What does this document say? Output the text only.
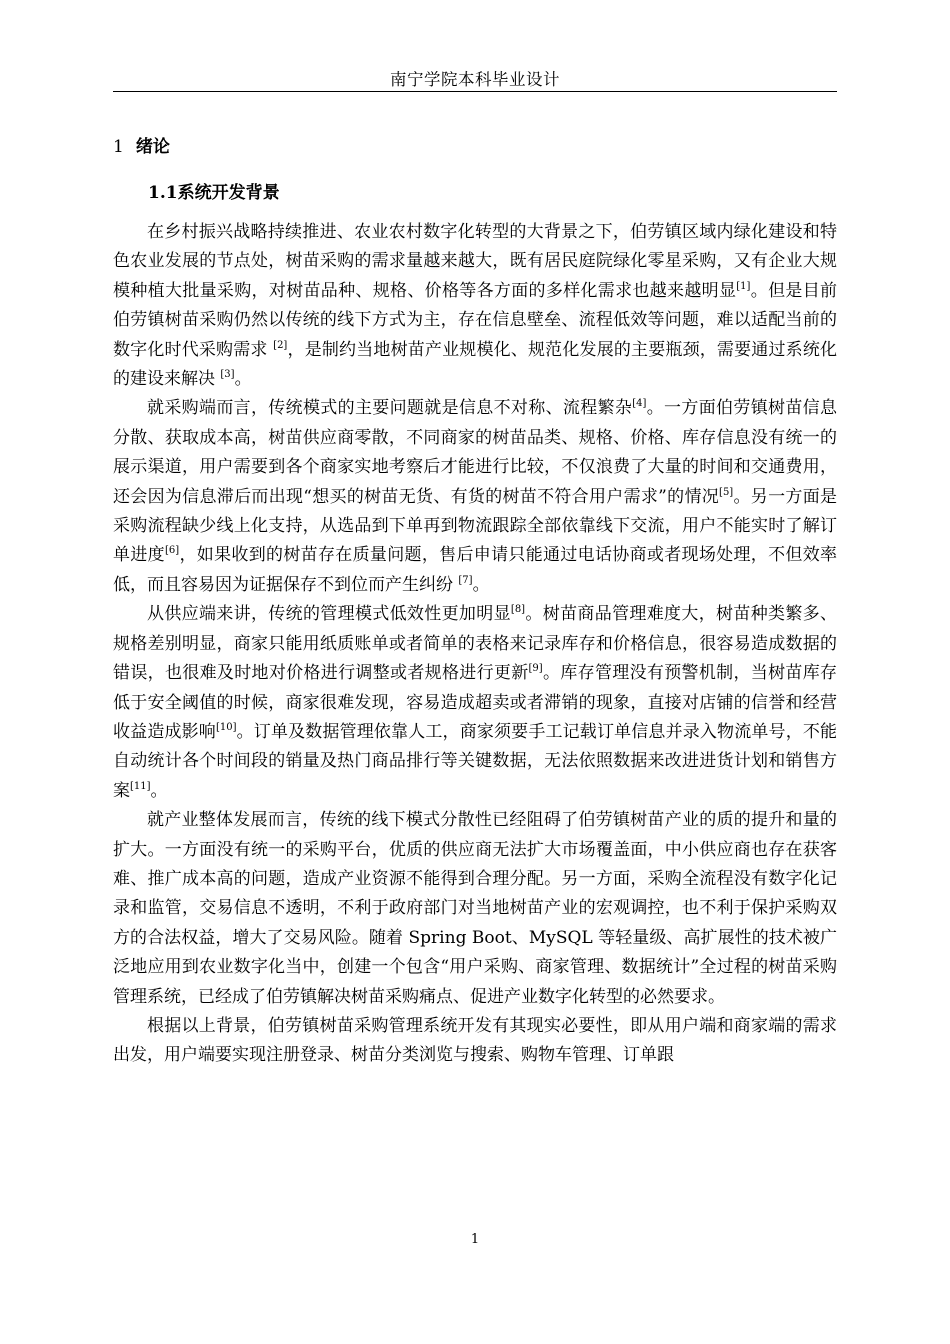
南宁学院本科毕业设计
1 绪论
1.1系统开发背景

在乡村振兴战略持续推进、农业农村数字化转型的大背景之下，伯劳镇区域内绿化建设和特色农业发展的节点处，树苗采购的需求量越来越大，既有居民庭院绿化零星采购，又有企业大规模种植大批量采购，对树苗品种、规格、价格等各方面的多样化需求也越来越明显[1]。但是目前伯劳镇树苗采购仍然以传统的线下方式为主，存在信息壁垒、流程低效等问题，难以适配当前的数字化时代采购需求 [2]，是制约当地树苗产业规模化、规范化发展的主要瓶颈，需要通过系统化的建设来解决 [3]。

就采购端而言，传统模式的主要问题就是信息不对称、流程繁杂[4]。一方面伯劳镇树苗信息分散、获取成本高，树苗供应商零散，不同商家的树苗品类、规格、价格、库存信息没有统一的展示渠道，用户需要到各个商家实地考察后才能进行比较，不仅浪费了大量的时间和交通费用，还会因为信息滞后而出现“想买的树苗无货、有货的树苗不符合用户需求”的情况[5]。另一方面是采购流程缺少线上化支持，从选品到下单再到物流跟踪全部依靠线下交流，用户不能实时了解订单进度[6]，如果收到的树苗存在质量问题，售后申请只能通过电话协商或者现场处理，不但效率低，而且容易因为证据保存不到位而产生纠纷 [7]。

从供应端来讲，传统的管理模式低效性更加明显[8]。树苗商品管理难度大，树苗种类繁多、规格差别明显，商家只能用纸质账单或者简单的表格来记录库存和价格信息，很容易造成数据的错误，也很难及时地对价格进行调整或者规格进行更新[9]。库存管理没有预警机制，当树苗库存低于安全阈值的时候，商家很难发现，容易造成超卖或者滞销的现象，直接对店铺的信誉和经营收益造成影响[10]。订单及数据管理依靠人工，商家须要手工记载订单信息并录入物流单号，不能自动统计各个时间段的销量及热门商品排行等关键数据，无法依照数据来改进进货计划和销售方案[11]。

就产业整体发展而言，传统的线下模式分散性已经阻碍了伯劳镇树苗产业的质的提升和量的扩大。一方面没有统一的采购平台，优质的供应商无法扩大市场覆盖面，中小供应商也存在获客难、推广成本高的问题，造成产业资源不能得到合理分配。另一方面，采购全流程没有数字化记录和监管，交易信息不透明，不利于政府部门对当地树苗产业的宏观调控，也不利于保护采购双方的合法权益，增大了交易风险。随着 Spring Boot、MySQL 等轻量级、高扩展性的技术被广泛地应用到农业数字化当中，创建一个包含“用户采购、商家管理、数据统计”全过程的树苗采购管理系统，已经成了伯劳镇解决树苗采购痛点、促进产业数字化转型的必然要求。

根据以上背景，伯劳镇树苗采购管理系统开发有其现实必要性，即从用户端和商家端的需求出发，用户端要实现注册登录、树苗分类浏览与搜索、购物车管理、订单跟

1
